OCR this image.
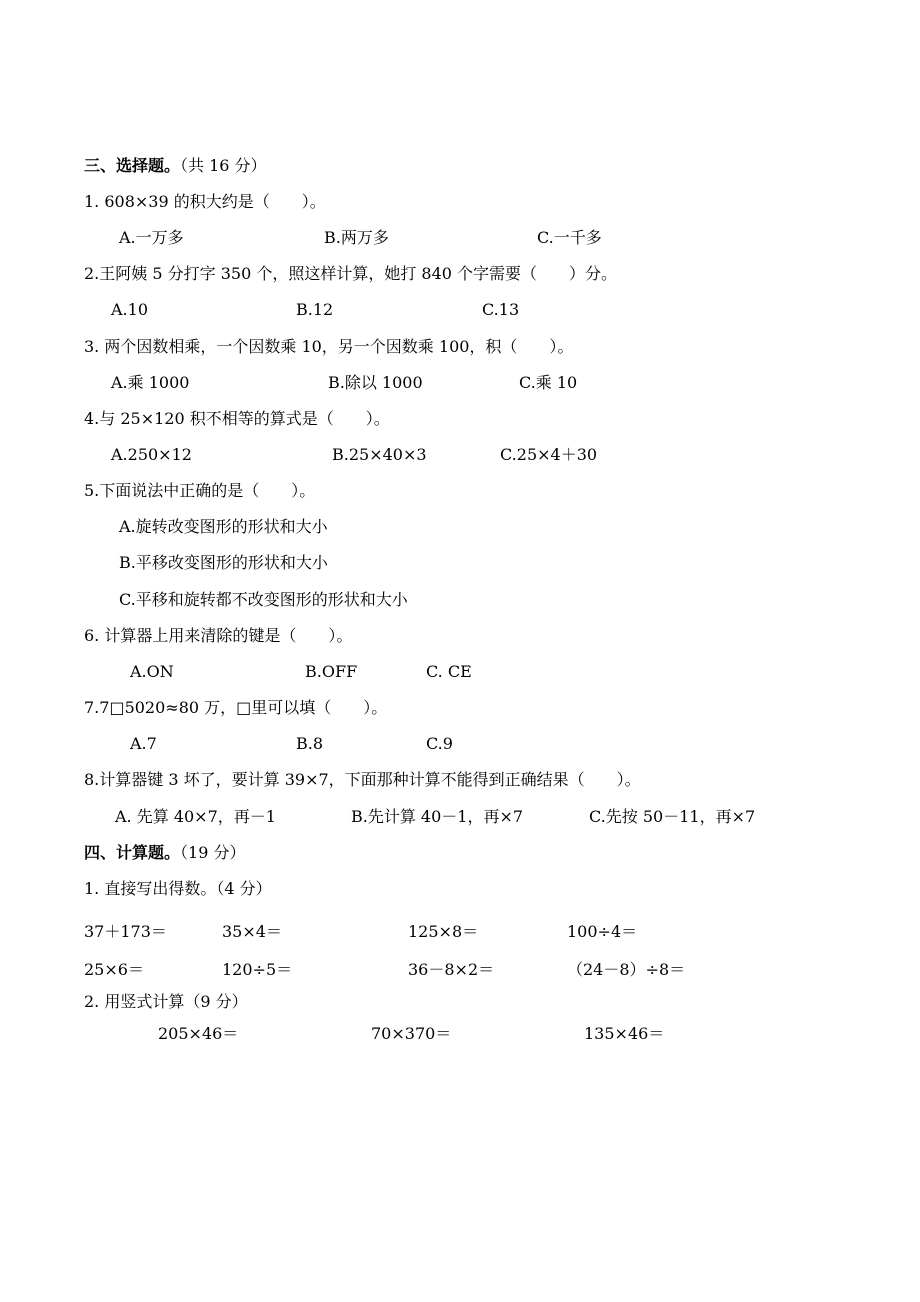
三、选择题。（共 16 分）
1. 608×39 的积大约是（　　）。
A.一万多	B.两万多	C.一千多
2.王阿姨 5 分打字 350 个，照这样计算，她打 840 个字需要（　　）分。
A.10	B.12	C.13
3. 两个因数相乘，一个因数乘 10，另一个因数乘 100，积（　　）。
A.乘 1000	B.除以 1000	C.乘 10
4.与 25×120 积不相等的算式是（　　）。
A.250×12	B.25×40×3	C.25×4＋30
5.下面说法中正确的是（　　）。
A.旋转改变图形的形状和大小
B.平移改变图形的形状和大小
C.平移和旋转都不改变图形的形状和大小
6. 计算器上用来清除的键是（　　）。
A.ON	B.OFF	C. CE
7.7□5020≈80 万，□里可以填（　　）。
A.7	B.8	C.9
8.计算器键 3 坏了，要计算 39×7，下面那种计算不能得到正确结果（　　）。
A. 先算 40×7，再－1	B.先计算 40－1，再×7	C.先按 50－11，再×7
四、计算题。（19 分）
1. 直接写出得数。（4 分）
37＋173＝	35×4＝	125×8＝	100÷4＝
25×6＝	120÷5＝	36－8×2＝	（24－8）÷8＝
2. 用竖式计算（9 分）
205×46＝	70×370＝	135×46＝
